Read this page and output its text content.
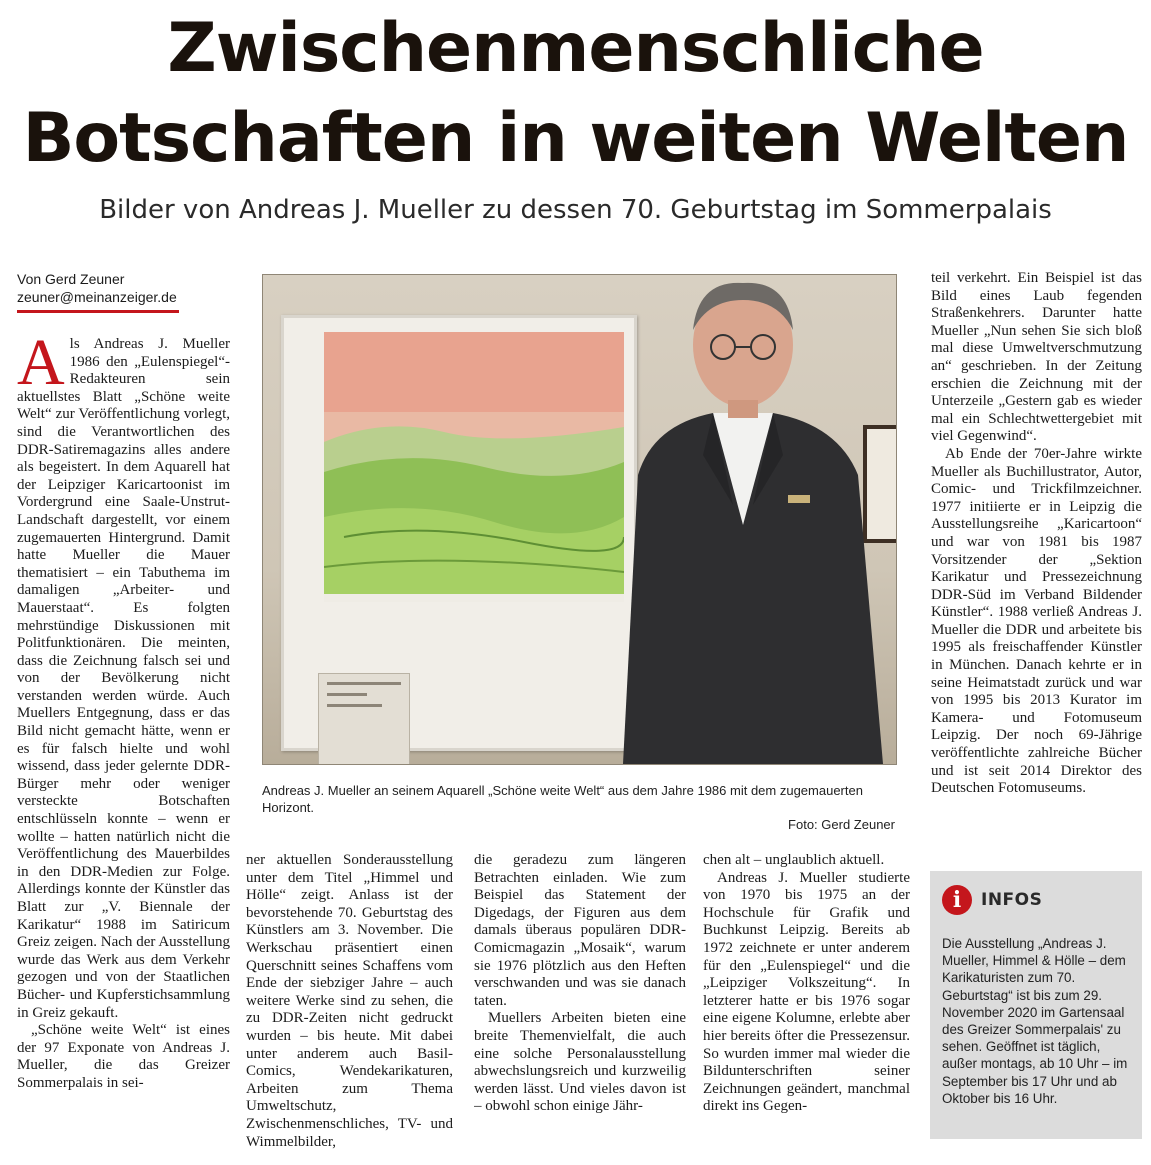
Zwischenmenschliche
Botschaften in weiten Welten

Bilder von Andreas J. Mueller zu dessen 70. Geburtstag im Sommerpalais

Von Gerd Zeuner
zeuner@meinanzeiger.de

Als Andreas J. Mueller 1986 den „Eulenspiegel“-Redakteuren sein aktuellstes Blatt „Schöne weite Welt“ zur Veröffentlichung vorlegt, sind die Verantwortlichen des DDR-Satiremagazins alles andere als begeistert. In dem Aquarell hat der Leipziger Karicartoonist im Vordergrund eine Saale-Unstrut-Landschaft dargestellt, vor einem zugemauerten Hintergrund. Damit hatte Mueller die Mauer thematisiert – ein Tabuthema im damaligen „Arbeiter- und Mauerstaat“. Es folgten mehrstündige Diskussionen mit Politfunktionären. Die meinten, dass die Zeichnung falsch sei und von der Bevölkerung nicht verstanden werden würde. Auch Muellers Entgegnung, dass er das Bild nicht gemacht hätte, wenn er es für falsch hielte und wohl wissend, dass jeder gelernte DDR-Bürger mehr oder weniger versteckte Botschaften entschlüsseln konnte – wenn er wollte – hatten natürlich nicht die Veröffentlichung des Mauerbildes in den DDR-Medien zur Folge. Allerdings konnte der Künstler das Blatt zur „V. Biennale der Karikatur“ 1988 im Satiricum Greiz zeigen. Nach der Ausstellung wurde das Werk aus dem Verkehr gezogen und von der Staatlichen Bücher- und Kupferstichsammlung in Greiz gekauft.

„Schöne weite Welt“ ist eines der 97 Exponate von Andreas J. Mueller, die das Greizer Sommerpalais in sei-

Andreas J. Mueller an seinem Aquarell „Schöne weite Welt“ aus dem Jahre 1986 mit dem zugemauerten Horizont.
Foto: Gerd Zeuner

ner aktuellen Sonderausstellung unter dem Titel „Himmel und Hölle“ zeigt. Anlass ist der bevorstehende 70. Geburtstag des Künstlers am 3. November. Die Werkschau präsentiert einen Querschnitt seines Schaffens vom Ende der siebziger Jahre – auch weitere Werke sind zu sehen, die zu DDR-Zeiten nicht gedruckt wurden – bis heute. Mit dabei unter anderem auch Basil-Comics, Wendekarikaturen, Arbeiten zum Thema Umweltschutz, Zwischenmenschliches, TV- und Wimmelbilder,

die geradezu zum längeren Betrachten einladen. Wie zum Beispiel das Statement der Digedags, der Figuren aus dem damals überaus populären DDR-Comicmagazin „Mosaik“, warum sie 1976 plötzlich aus den Heften verschwanden und was sie danach taten.

Muellers Arbeiten bieten eine breite Themenvielfalt, die auch eine solche Personalausstellung abwechslungsreich und kurzweilig werden lässt. Und vieles davon ist – obwohl schon einige Jähr-

chen alt – unglaublich aktuell.

Andreas J. Mueller studierte von 1970 bis 1975 an der Hochschule für Grafik und Buchkunst Leipzig. Bereits ab 1972 zeichnete er unter anderem für den „Eulenspiegel“ und die „Leipziger Volkszeitung“. In letzterer hatte er bis 1976 sogar eine eigene Kolumne, erlebte aber hier bereits öfter die Pressezensur. So wurden immer mal wieder die Bildunterschriften seiner Zeichnungen geändert, manchmal direkt ins Gegen-

teil verkehrt. Ein Beispiel ist das Bild eines Laub fegenden Straßenkehrers. Darunter hatte Mueller „Nun sehen Sie sich bloß mal diese Umweltverschmutzung an“ geschrieben. In der Zeitung erschien die Zeichnung mit der Unterzeile „Gestern gab es wieder mal ein Schlechtwettergebiet mit viel Gegenwind“.

Ab Ende der 70er-Jahre wirkte Mueller als Buchillustrator, Autor, Comic- und Trickfilmzeichner. 1977 initiierte er in Leipzig die Ausstellungsreihe „Karicartoon“ und war von 1981 bis 1987 Vorsitzender der „Sektion Karikatur und Pressezeichnung DDR-Süd im Verband Bildender Künstler“. 1988 verließ Andreas J. Mueller die DDR und arbeitete bis 1995 als freischaffender Künstler in München. Danach kehrte er in seine Heimatstadt zurück und war von 1995 bis 2013 Kurator im Kamera- und Fotomuseum Leipzig. Der noch 69-Jährige veröffentlichte zahlreiche Bücher und ist seit 2014 Direktor des Deutschen Fotomuseums.

i	INFOS
Die Ausstellung „Andreas J. Mueller, Himmel & Hölle – dem Karikaturisten zum 70. Geburtstag“ ist bis zum 29. November 2020 im Gartensaal des Greizer Sommerpalais' zu sehen. Geöffnet ist täglich, außer montags, ab 10 Uhr – im September bis 17 Uhr und ab Oktober bis 16 Uhr.
